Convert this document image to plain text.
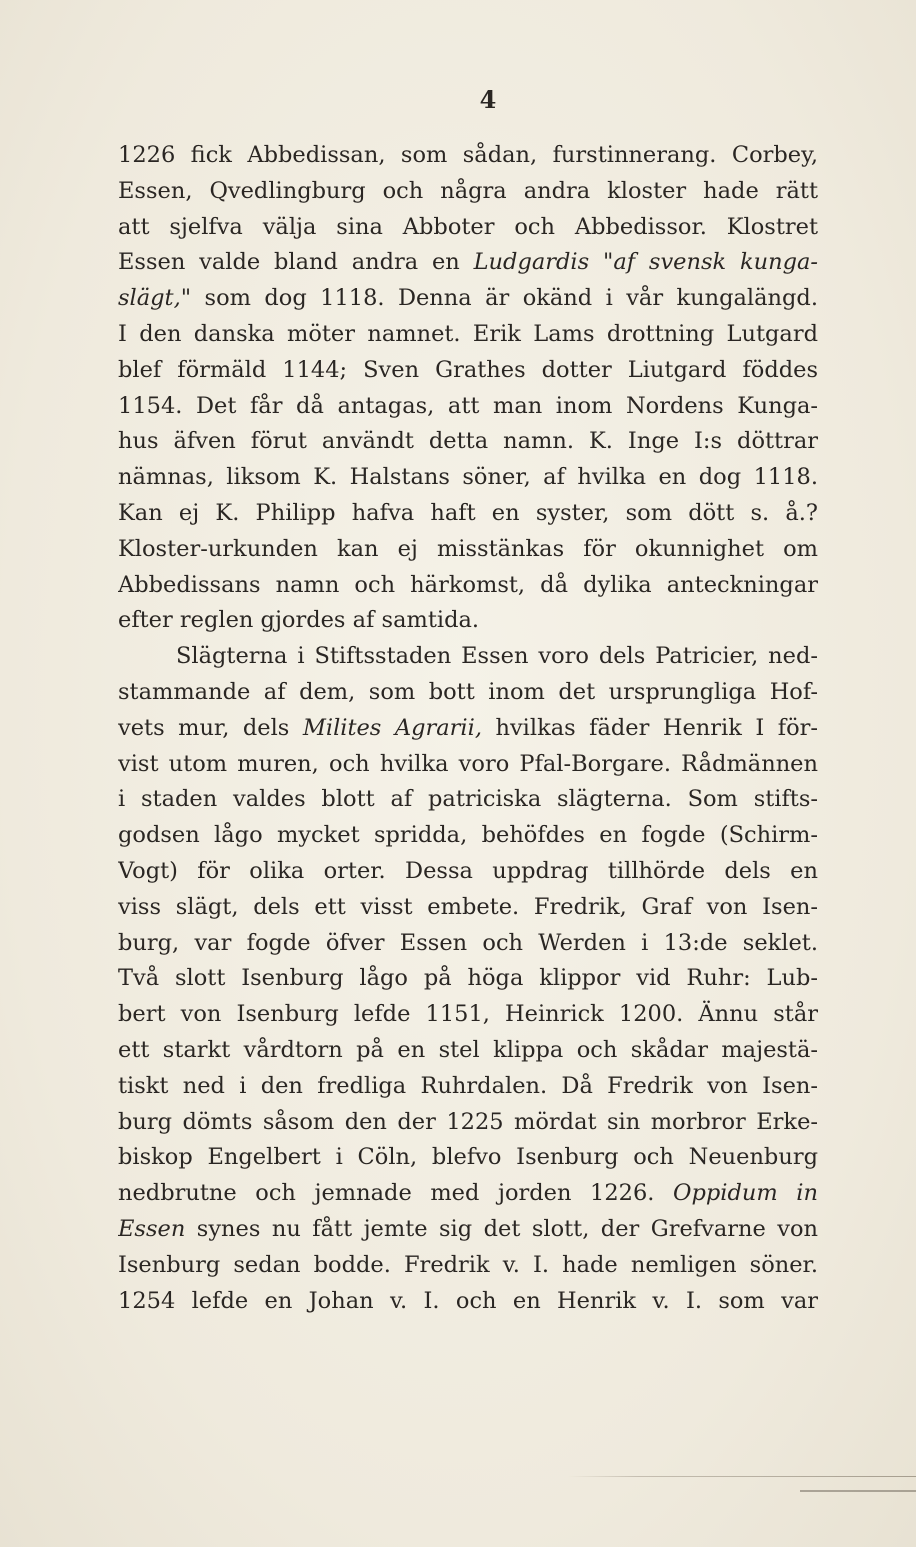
4
1226 fick Abbedissan, som sådan, furstinnerang. Corbey,
Essen, Qvedlingburg och några andra kloster hade rätt
att sjelfva välja sina Abboter och Abbedissor. Klostret
Essen valde bland andra en Ludgardis "af svensk kunga-
slägt," som dog 1118. Denna är okänd i vår kungalängd.
I den danska möter namnet. Erik Lams drottning Lutgard
blef förmäld 1144; Sven Grathes dotter Liutgard föddes
1154. Det får då antagas, att man inom Nordens Kunga-
hus äfven förut användt detta namn. K. Inge I:s döttrar
nämnas, liksom K. Halstans söner, af hvilka en dog 1118.
Kan ej K. Philipp hafva haft en syster, som dött s. å.?
Kloster-urkunden kan ej misstänkas för okunnighet om
Abbedissans namn och härkomst, då dylika anteckningar
efter reglen gjordes af samtida.
Slägterna i Stiftsstaden Essen voro dels Patricier, ned-
stammande af dem, som bott inom det ursprungliga Hof-
vets mur, dels Milites Agrarii, hvilkas fäder Henrik I för-
vist utom muren, och hvilka voro Pfal-Borgare. Rådmännen
i staden valdes blott af patriciska slägterna. Som stifts-
godsen lågo mycket spridda, behöfdes en fogde (Schirm-
Vogt) för olika orter. Dessa uppdrag tillhörde dels en
viss slägt, dels ett visst embete. Fredrik, Graf von Isen-
burg, var fogde öfver Essen och Werden i 13:de seklet.
Två slott Isenburg lågo på höga klippor vid Ruhr: Lub-
bert von Isenburg lefde 1151, Heinrick 1200. Ännu står
ett starkt vårdtorn på en stel klippa och skådar majestä-
tiskt ned i den fredliga Ruhrdalen. Då Fredrik von Isen-
burg dömts såsom den der 1225 mördat sin morbror Erke-
biskop Engelbert i Cöln, blefvo Isenburg och Neuenburg
nedbrutne och jemnade med jorden 1226. Oppidum in
Essen synes nu fått jemte sig det slott, der Grefvarne von
Isenburg sedan bodde. Fredrik v. I. hade nemligen söner.
1254 lefde en Johan v. I. och en Henrik v. I. som var
